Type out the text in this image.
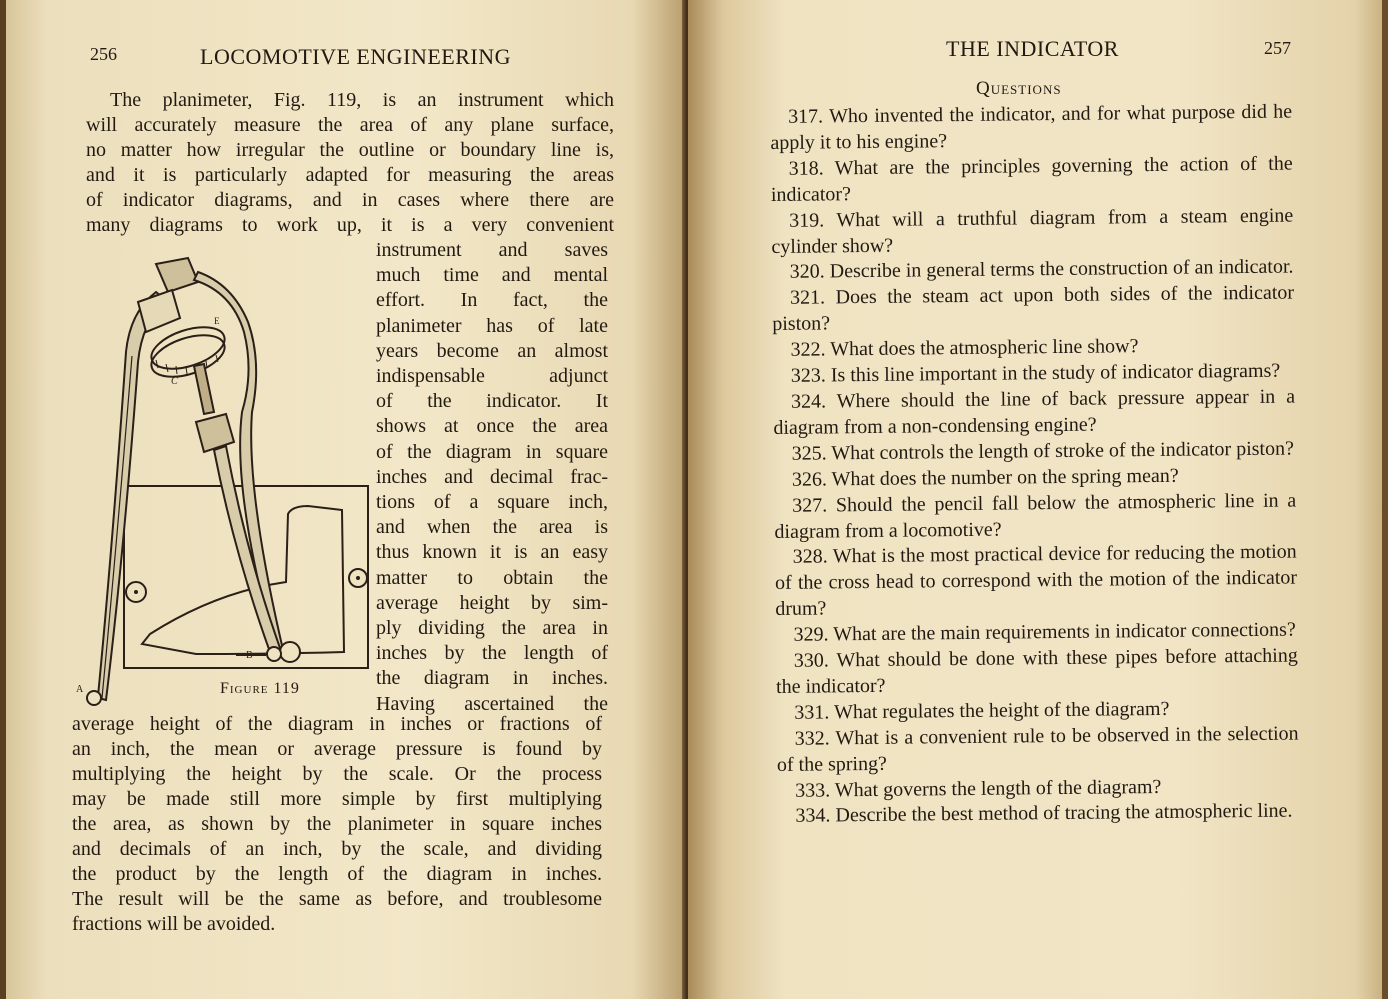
256	LOCOMOTIVE ENGINEERING
The planimeter, Fig. 119, is an instrument which
will accurately measure the area of any plane surface,
no matter how irregular the outline or boundary line is,
and it is particularly adapted for measuring the areas
of indicator diagrams, and in cases where there are
many diagrams to work up, it is a very convenient
instrument and saves
much time and mental
effort. In fact, the
planimeter has of late
years become an almost
indispensable adjunct
of the indicator. It
shows at once the area
of the diagram in square
inches and decimal frac-
tions of a square inch,
and when the area is
thus known it is an easy
matter to obtain the
average height by sim-
ply dividing the area in
inches by the length of
the diagram in inches.
Having ascertained the
A
B
C
E
Figure 119
average height of the diagram in inches or fractions of
an inch, the mean or average pressure is found by
multiplying the height by the scale. Or the process
may be made still more simple by first multiplying
the area, as shown by the planimeter in square inches
and decimals of an inch, by the scale, and dividing
the product by the length of the diagram in inches.
The result will be the same as before, and troublesome
fractions will be avoided.
THE INDICATOR	257
Questions

317. Who invented the indicator, and for what purpose did he apply it to his engine?

318. What are the principles governing the action of the indicator?

319. What will a truthful diagram from a steam engine cylinder show?

320. Describe in general terms the construction of an indicator.

321. Does the steam act upon both sides of the indicator piston?

322. What does the atmospheric line show?

323. Is this line important in the study of indicator diagrams?

324. Where should the line of back pressure appear in a diagram from a non-condensing engine?

325. What controls the length of stroke of the indicator piston?

326. What does the number on the spring mean?

327. Should the pencil fall below the atmospheric line in a diagram from a locomotive?

328. What is the most practical device for reducing the motion of the cross head to correspond with the motion of the indicator drum?

329. What are the main requirements in indicator connections?

330. What should be done with these pipes before attaching the indicator?

331. What regulates the height of the diagram?

332. What is a convenient rule to be observed in the selection of the spring?

333. What governs the length of the diagram?

334. Describe the best method of tracing the atmospheric line.
